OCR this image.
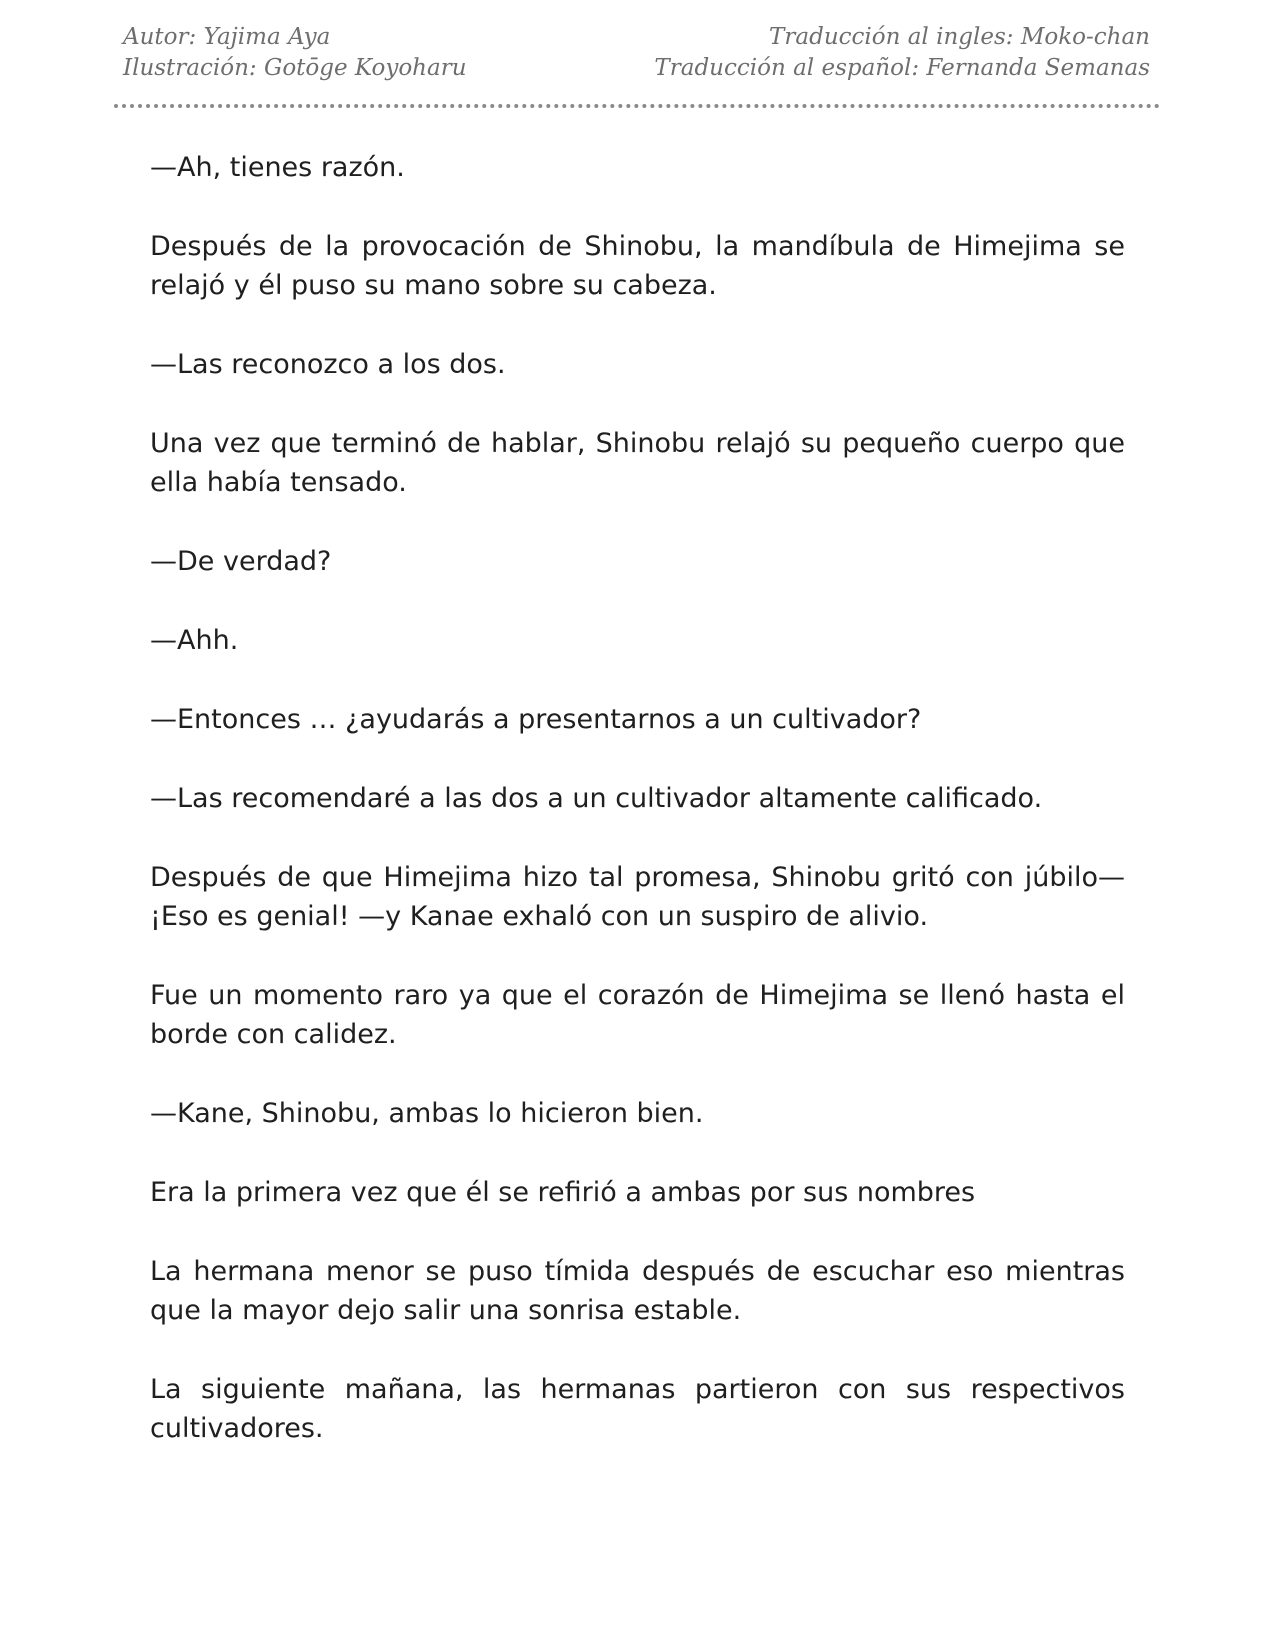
Autor: Yajima Aya
Ilustración: Gotōge Koyoharu
Traducción al ingles: Moko-chan
Traducción al español: Fernanda Semanas

—Ah, tienes razón.

Después de la provocación de Shinobu, la mandíbula de Himejima se relajó y él puso su mano sobre su cabeza.

—Las reconozco a los dos.

Una vez que terminó de hablar, Shinobu relajó su pequeño cuerpo que ella había tensado.

—De verdad?

—Ahh.

—Entonces … ¿ayudarás a presentarnos a un cultivador?

—Las recomendaré a las dos a un cultivador altamente calificado.

Después de que Himejima hizo tal promesa, Shinobu gritó con júbilo— ¡Eso es genial! —y Kanae exhaló con un suspiro de alivio.

Fue un momento raro ya que el corazón de Himejima se llenó hasta el borde con calidez.

—Kane, Shinobu, ambas lo hicieron bien.

Era la primera vez que él se refirió a ambas por sus nombres

La hermana menor se puso tímida después de escuchar eso mientras que la mayor dejo salir una sonrisa estable.

La siguiente mañana, las hermanas partieron con sus respectivos cultivadores.
